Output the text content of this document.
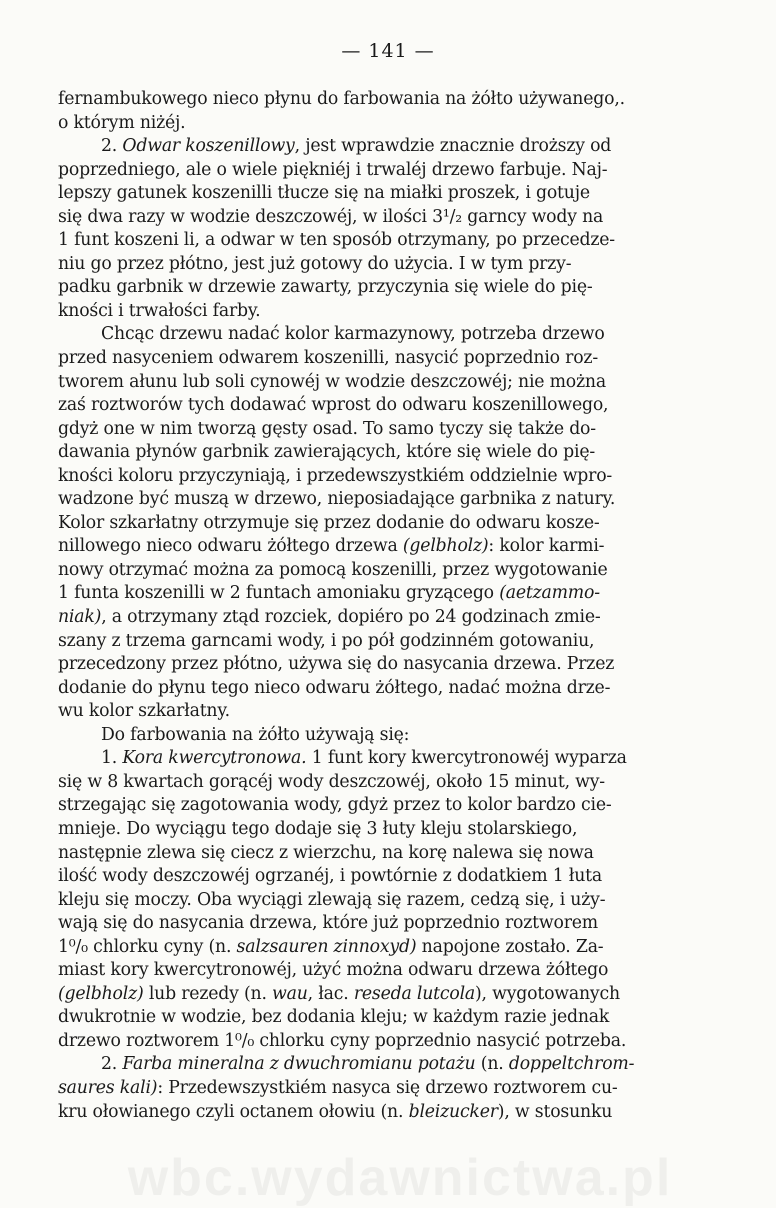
— 141 —
fernambukowego nieco płynu do farbowania na żółto używanego,.
o którym niżéj.
2. Odwar koszenillowy, jest wprawdzie znacznie droższy od
poprzedniego, ale o wiele piękniéj i trwaléj drzewo farbuje. Naj-
lepszy gatunek koszenilli tłucze się na miałki proszek, i gotuje
się dwa razy w wodzie deszczowéj, w ilości 3¹/₂ garncy wody na
1 funt koszeni li, a odwar w ten sposób otrzymany, po przecedze-
niu go przez płótno, jest już gotowy do użycia. I w tym przy-
padku garbnik w drzewie zawarty, przyczynia się wiele do pię-
kności i trwałości farby.
Chcąc drzewu nadać kolor karmazynowy, potrzeba drzewo
przed nasyceniem odwarem koszenilli, nasycić poprzednio roz-
tworem ałunu lub soli cynowéj w wodzie deszczowéj; nie można
zaś roztworów tych dodawać wprost do odwaru koszenillowego,
gdyż one w nim tworzą gęsty osad. To samo tyczy się także do-
dawania płynów garbnik zawierających, które się wiele do pię-
kności koloru przyczyniają, i przedewszystkiém oddzielnie wpro-
wadzone być muszą w drzewo, nieposiadające garbnika z natury.
Kolor szkarłatny otrzymuje się przez dodanie do odwaru kosze-
nillowego nieco odwaru żółtego drzewa (gelbholz): kolor karmi-
nowy otrzymać można za pomocą koszenilli, przez wygotowanie
1 funta koszenilli w 2 funtach amoniaku gryzącego (aetzammo-
niak), a otrzymany ztąd rozciek, dopiéro po 24 godzinach zmie-
szany z trzema garncami wody, i po pół godzinném gotowaniu,
przecedzony przez płótno, używa się do nasycania drzewa. Przez
dodanie do płynu tego nieco odwaru żółtego, nadać można drze-
wu kolor szkarłatny.
Do farbowania na żółto używają się:
1. Kora kwercytronowa. 1 funt kory kwercytronowéj wyparza
się w 8 kwartach gorącéj wody deszczowéj, około 15 minut, wy-
strzegając się zagotowania wody, gdyż przez to kolor bardzo cie-
mnieje. Do wyciągu tego dodaje się 3 łuty kleju stolarskiego,
następnie zlewa się ciecz z wierzchu, na korę nalewa się nowa
ilość wody deszczowéj ogrzanéj, i powtórnie z dodatkiem 1 łuta
kleju się moczy. Oba wyciągi zlewają się razem, cedzą się, i uży-
wają się do nasycania drzewa, które już poprzednio roztworem
1⁰/₀ chlorku cyny (n. salzsauren zinnoxyd) napojone zostało. Za-
miast kory kwercytronowéj, użyć można odwaru drzewa żółtego
(gelbholz) lub rezedy (n. wau, łac. reseda lutcola), wygotowanych
dwukrotnie w wodzie, bez dodania kleju; w każdym razie jednak
drzewo roztworem 1⁰/₀ chlorku cyny poprzednio nasycić potrzeba.
2. Farba mineralna z dwuchromianu potażu (n. doppeltchrom-
saures kali): Przedewszystkiém nasyca się drzewo roztworem cu-
kru ołowianego czyli octanem ołowiu (n. bleizucker), w stosunku
